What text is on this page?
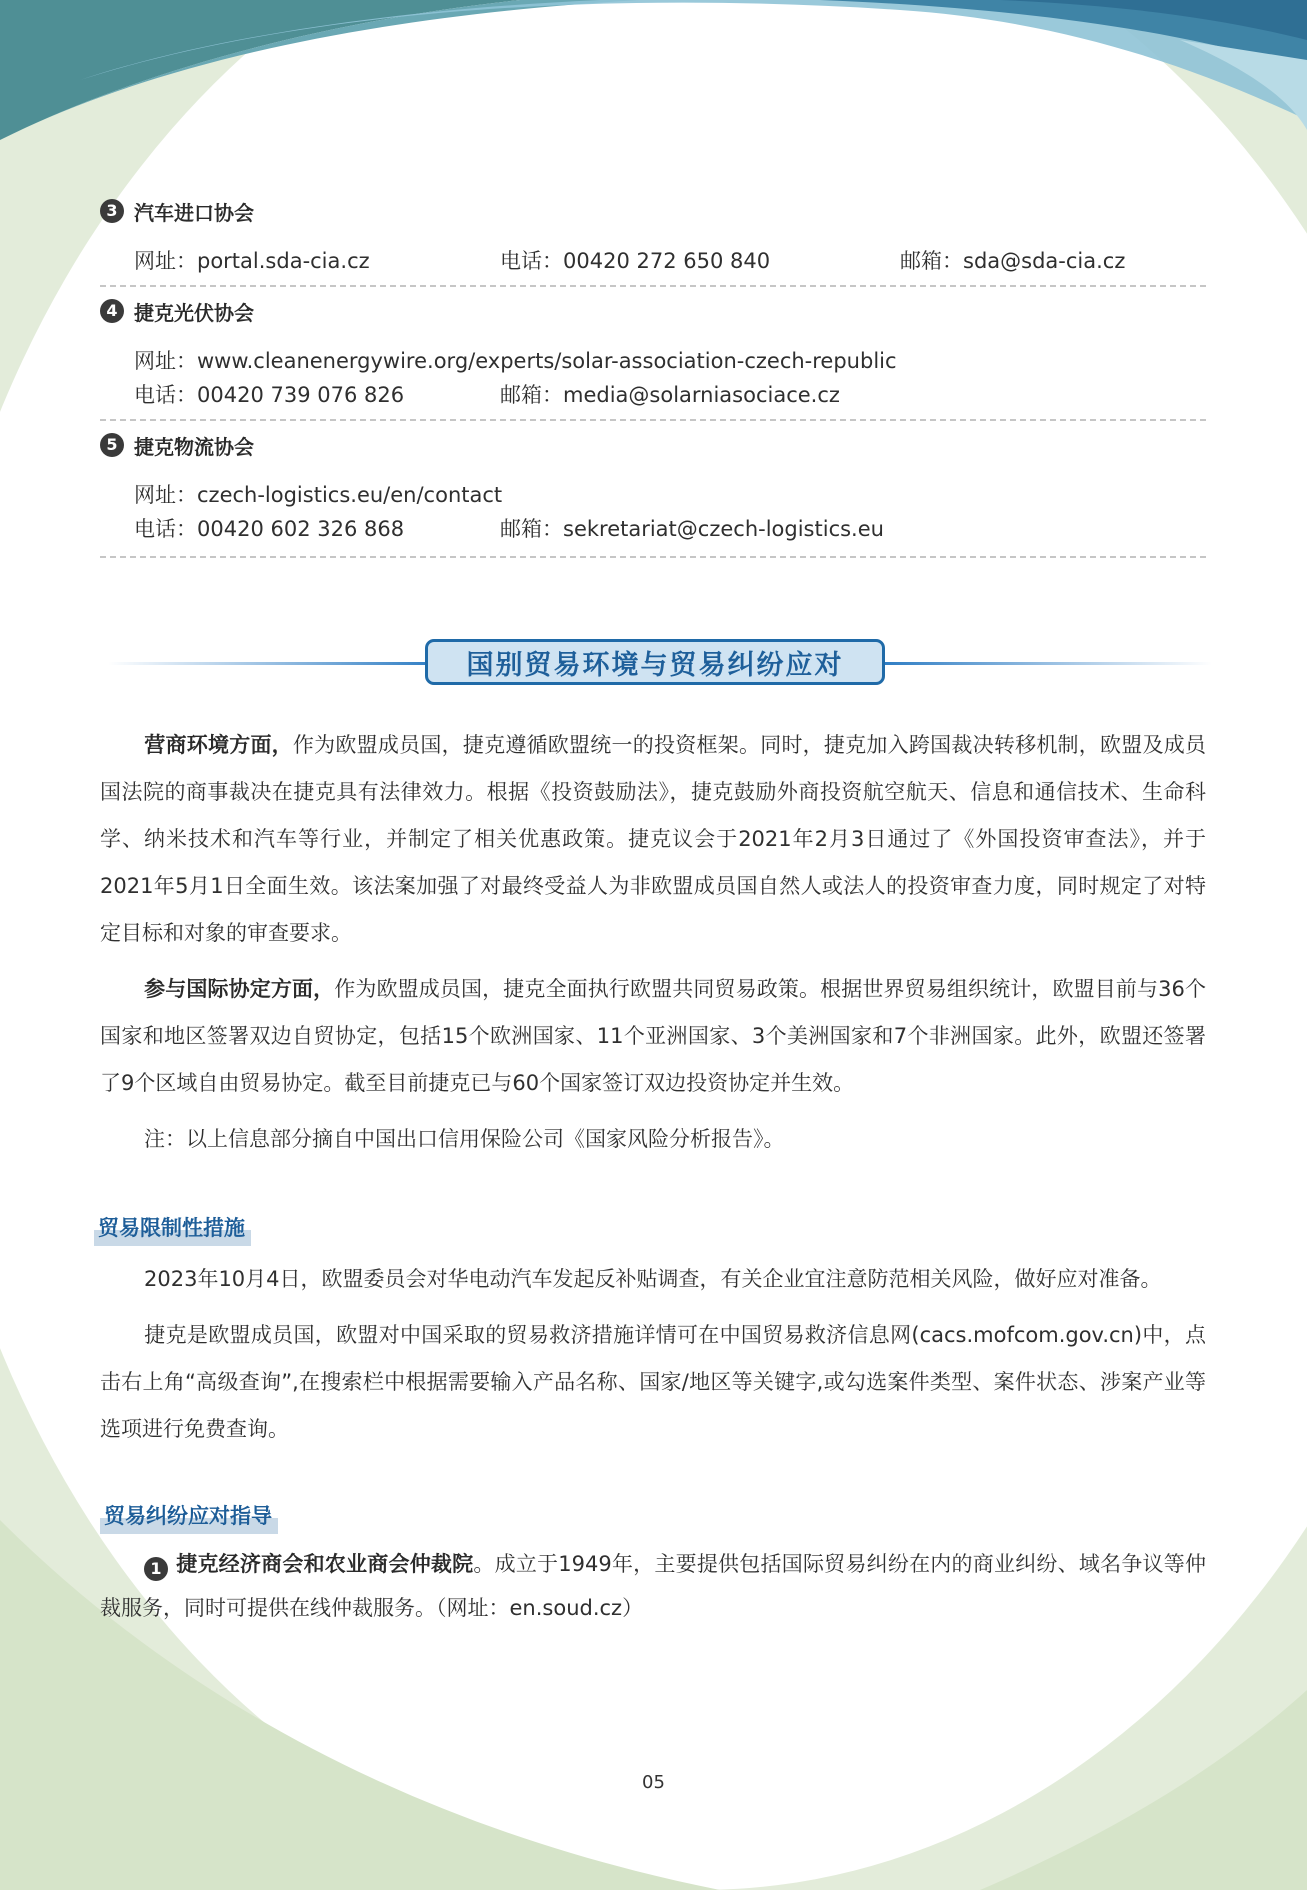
3 汽车进口协会
网址：portal.sda-cia.cz	电话：00420 272 650 840	邮箱：sda@sda-cia.cz
4 捷克光伏协会
网址：www.cleanenergywire.org/experts/solar-association-czech-republic
电话：00420 739 076 826	邮箱：media@solarniasociace.cz
5 捷克物流协会
网址：czech-logistics.eu/en/contact
电话：00420 602 326 868	邮箱：sekretariat@czech-logistics.eu
国别贸易环境与贸易纠纷应对

营商环境方面，作为欧盟成员国，捷克遵循欧盟统一的投资框架。同时，捷克加入跨国裁决转移机制，欧盟及成员国法院的商事裁决在捷克具有法律效力。根据《投资鼓励法》，捷克鼓励外商投资航空航天、信息和通信技术、生命科学、纳米技术和汽车等行业，并制定了相关优惠政策。捷克议会于2021年2月3日通过了《外国投资审查法》，并于2021年5月1日全面生效。该法案加强了对最终受益人为非欧盟成员国自然人或法人的投资审查力度，同时规定了对特定目标和对象的审查要求。

参与国际协定方面，作为欧盟成员国，捷克全面执行欧盟共同贸易政策。根据世界贸易组织统计，欧盟目前与36个国家和地区签署双边自贸协定，包括15个欧洲国家、11个亚洲国家、3个美洲国家和7个非洲国家。此外，欧盟还签署了9个区域自由贸易协定。截至目前捷克已与60个国家签订双边投资协定并生效。

注：以上信息部分摘自中国出口信用保险公司《国家风险分析报告》。

贸易限制性措施

2023年10月4日，欧盟委员会对华电动汽车发起反补贴调查，有关企业宜注意防范相关风险，做好应对准备。

捷克是欧盟成员国，欧盟对中国采取的贸易救济措施详情可在中国贸易救济信息网(cacs.mofcom.gov.cn)中，点击右上角“高级查询”,在搜索栏中根据需要输入产品名称、国家/地区等关键字,或勾选案件类型、案件状态、涉案产业等选项进行免费查询。

贸易纠纷应对指导

1 捷克经济商会和农业商会仲裁院。成立于1949年，主要提供包括国际贸易纠纷在内的商业纠纷、域名争议等仲裁服务，同时可提供在线仲裁服务。（网址：en.soud.cz）

05
